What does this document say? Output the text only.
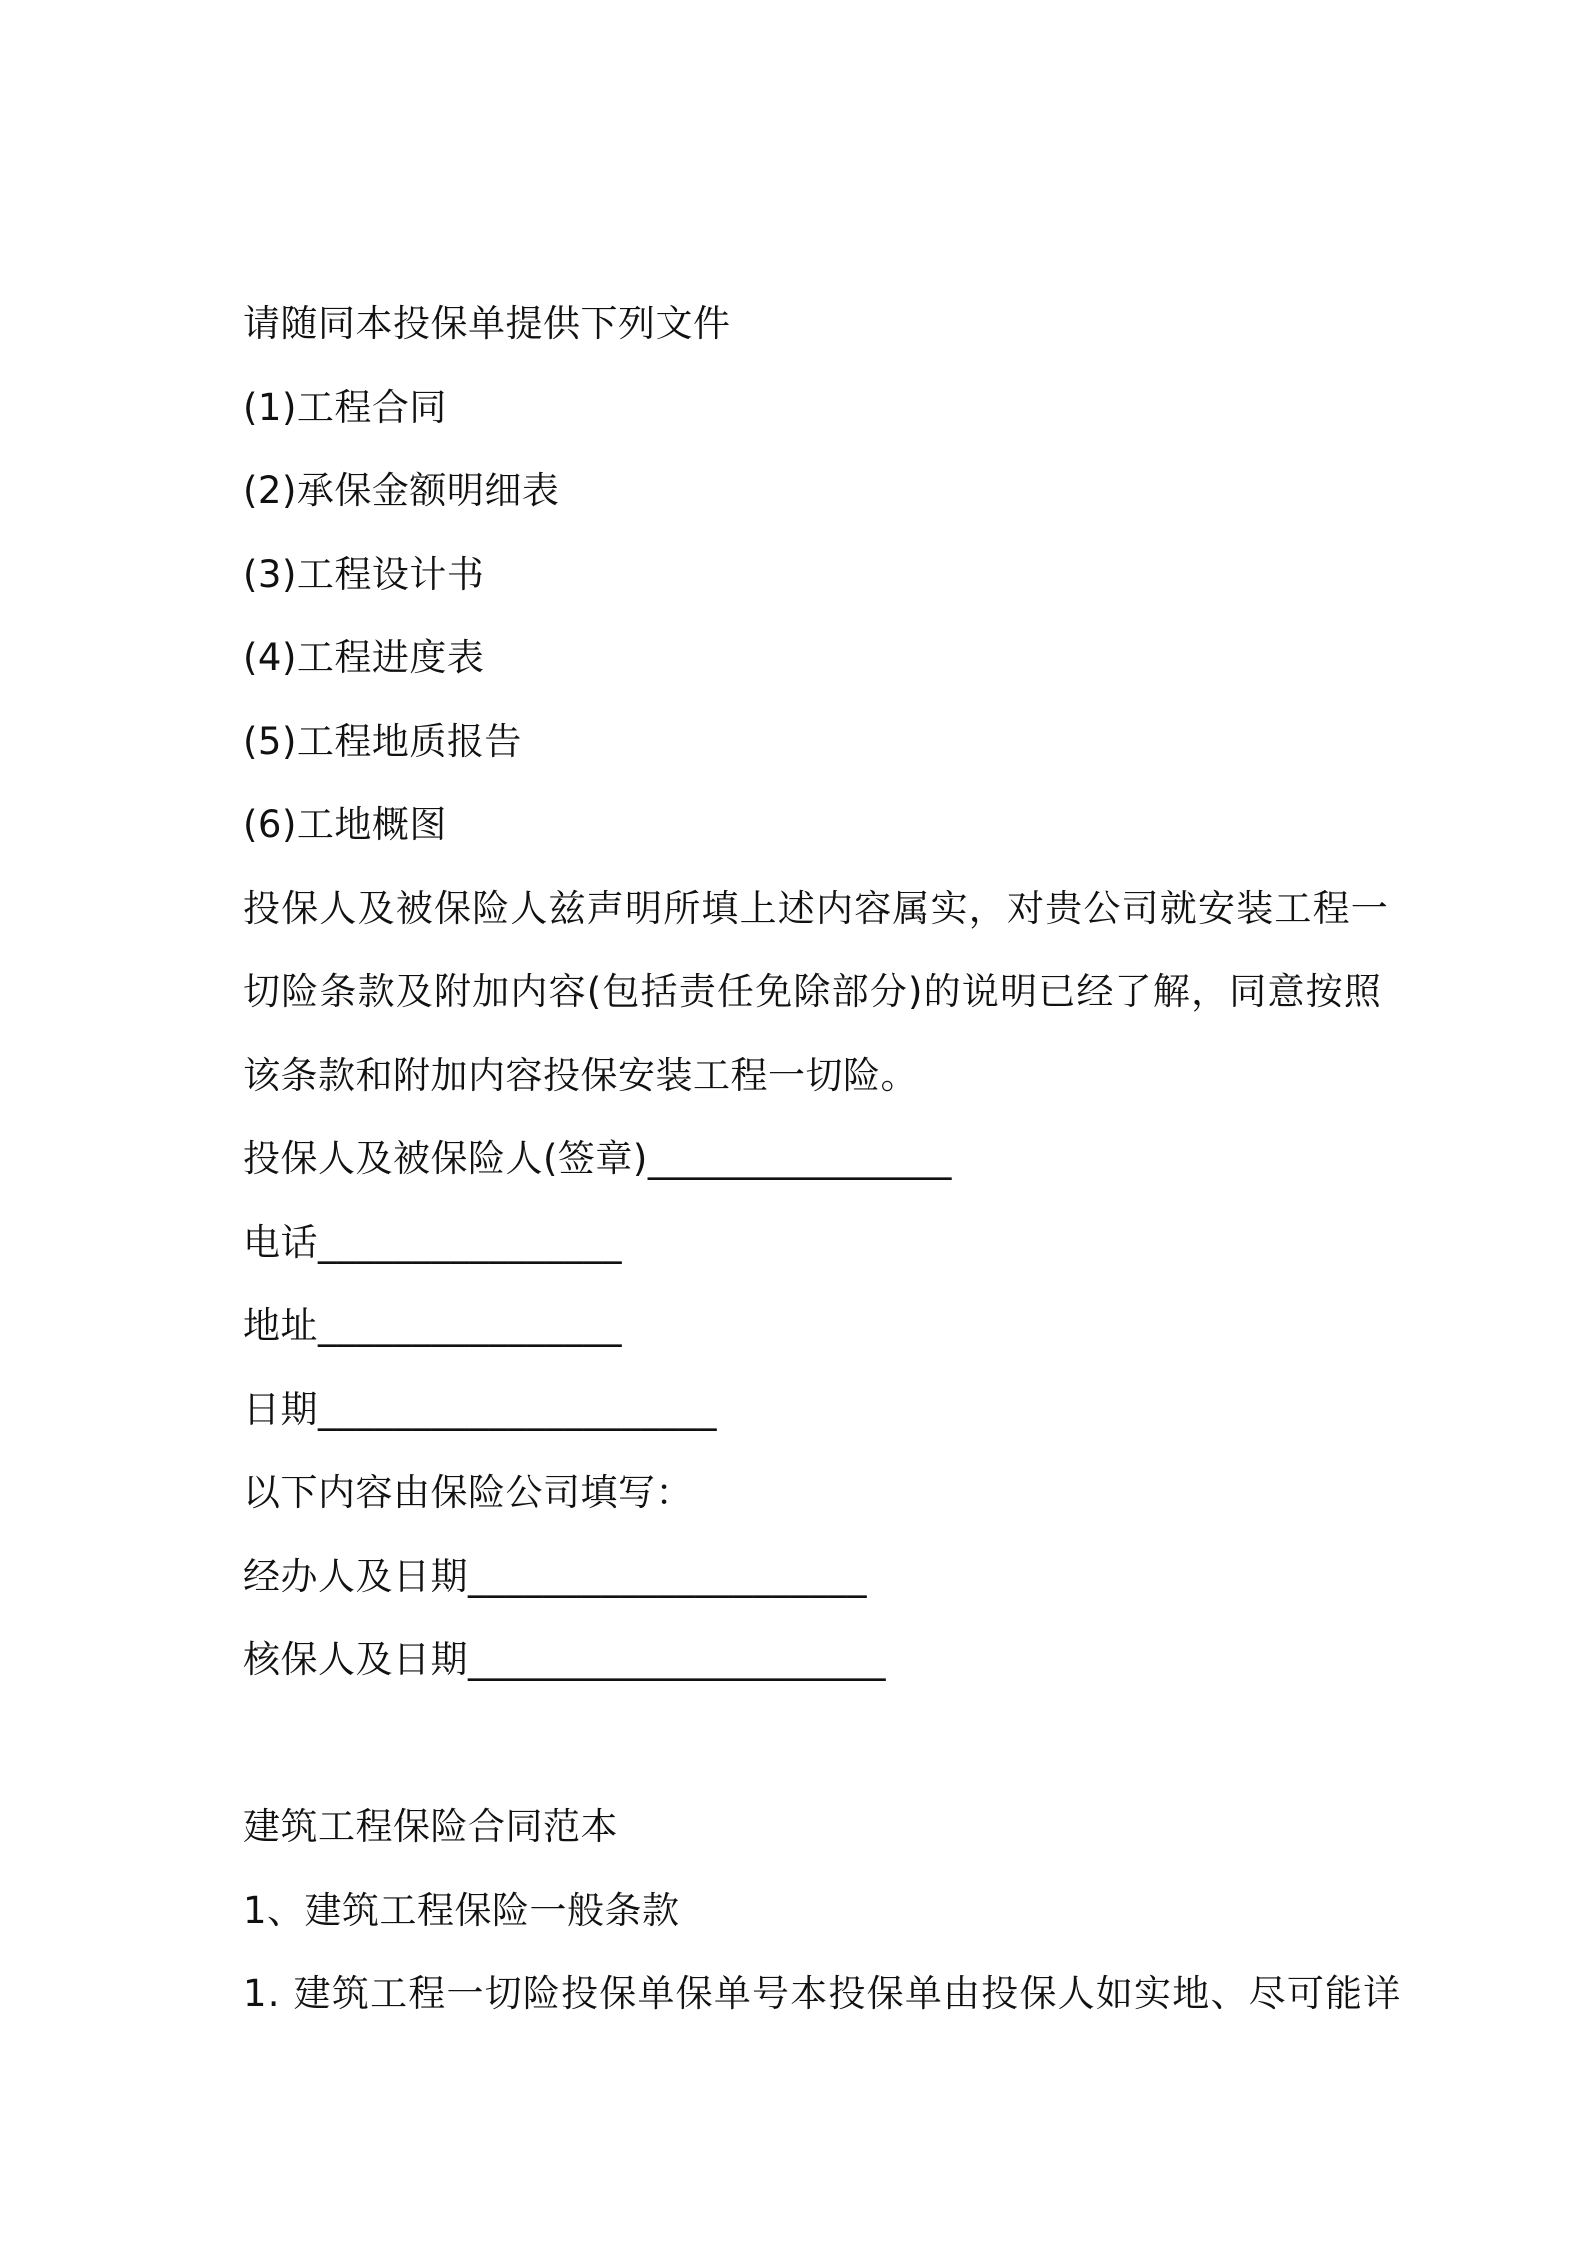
请随同本投保单提供下列文件
(1)工程合同
(2)承保金额明细表
(3)工程设计书
(4)工程进度表
(5)工程地质报告
(6)工地概图
投保人及被保险人兹声明所填上述内容属实，对贵公司就安装工程一
切险条款及附加内容(包括责任免除部分)的说明已经了解，同意按照
该条款和附加内容投保安装工程一切险。
投保人及被保险人(签章)________________
电话________________
地址________________
日期_____________________
以下内容由保险公司填写：
经办人及日期_____________________
核保人及日期______________________
建筑工程保险合同范本
1、建筑工程保险一般条款
1. 建筑工程一切险投保单保单号本投保单由投保人如实地、尽可能详
